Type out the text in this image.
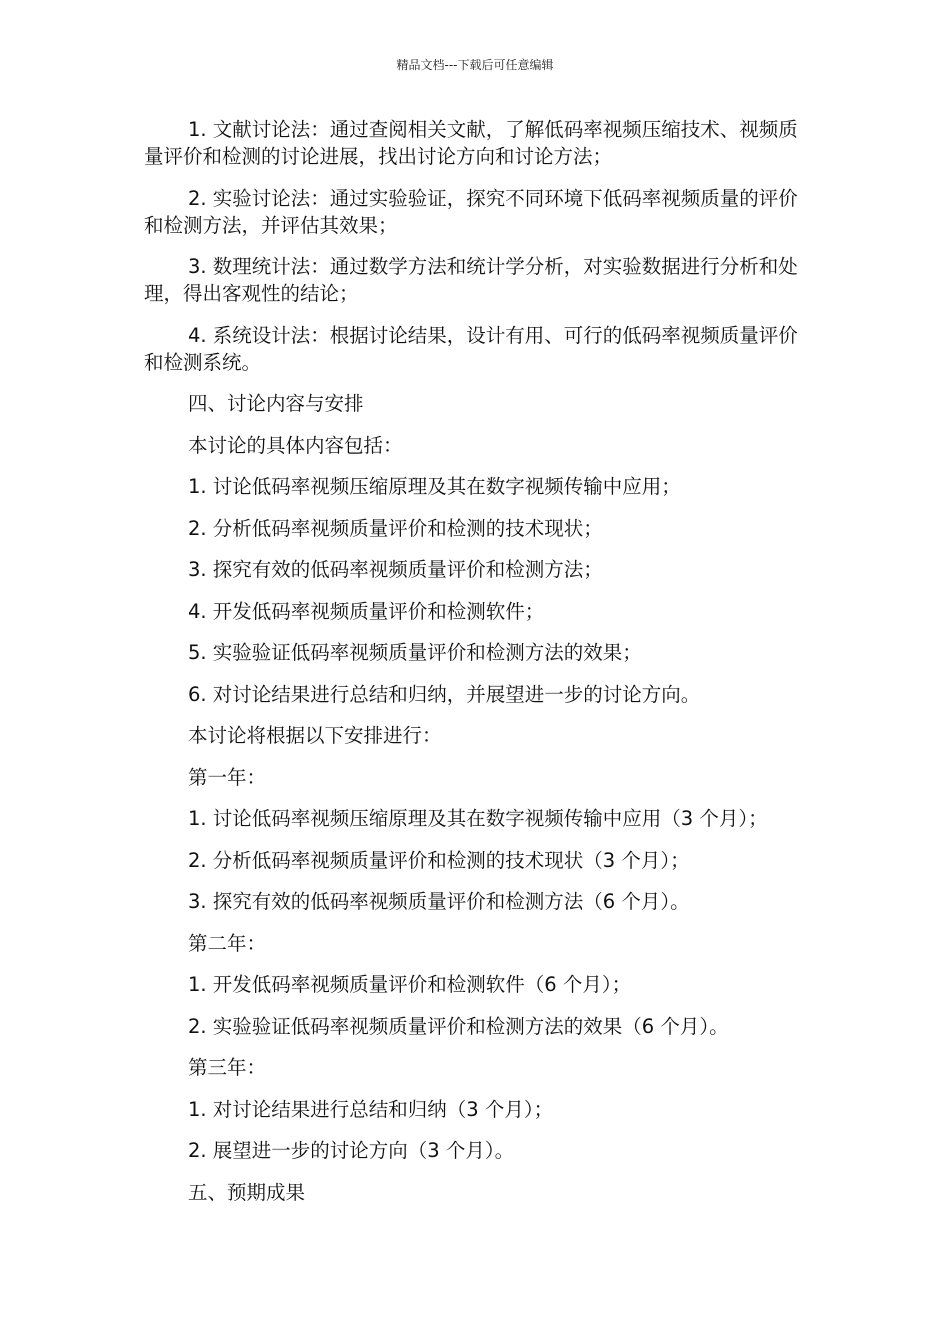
精品文档---下载后可任意编辑

1. 文献讨论法：通过查阅相关文献，了解低码率视频压缩技术、视频质量评价和检测的讨论进展，找出讨论方向和讨论方法；

2. 实验讨论法：通过实验验证，探究不同环境下低码率视频质量的评价和检测方法，并评估其效果；

3. 数理统计法：通过数学方法和统计学分析，对实验数据进行分析和处理，得出客观性的结论；

4. 系统设计法：根据讨论结果，设计有用、可行的低码率视频质量评价和检测系统。

四、讨论内容与安排

本讨论的具体内容包括：

1. 讨论低码率视频压缩原理及其在数字视频传输中应用；

2. 分析低码率视频质量评价和检测的技术现状；

3. 探究有效的低码率视频质量评价和检测方法；

4. 开发低码率视频质量评价和检测软件；

5. 实验验证低码率视频质量评价和检测方法的效果；

6. 对讨论结果进行总结和归纳，并展望进一步的讨论方向。

本讨论将根据以下安排进行：

第一年：

1. 讨论低码率视频压缩原理及其在数字视频传输中应用（3 个月）；

2. 分析低码率视频质量评价和检测的技术现状（3 个月）；

3. 探究有效的低码率视频质量评价和检测方法（6 个月）。

第二年：

1. 开发低码率视频质量评价和检测软件（6 个月）；

2. 实验验证低码率视频质量评价和检测方法的效果（6 个月）。

第三年：

1. 对讨论结果进行总结和归纳（3 个月）；

2. 展望进一步的讨论方向（3 个月）。

五、预期成果
